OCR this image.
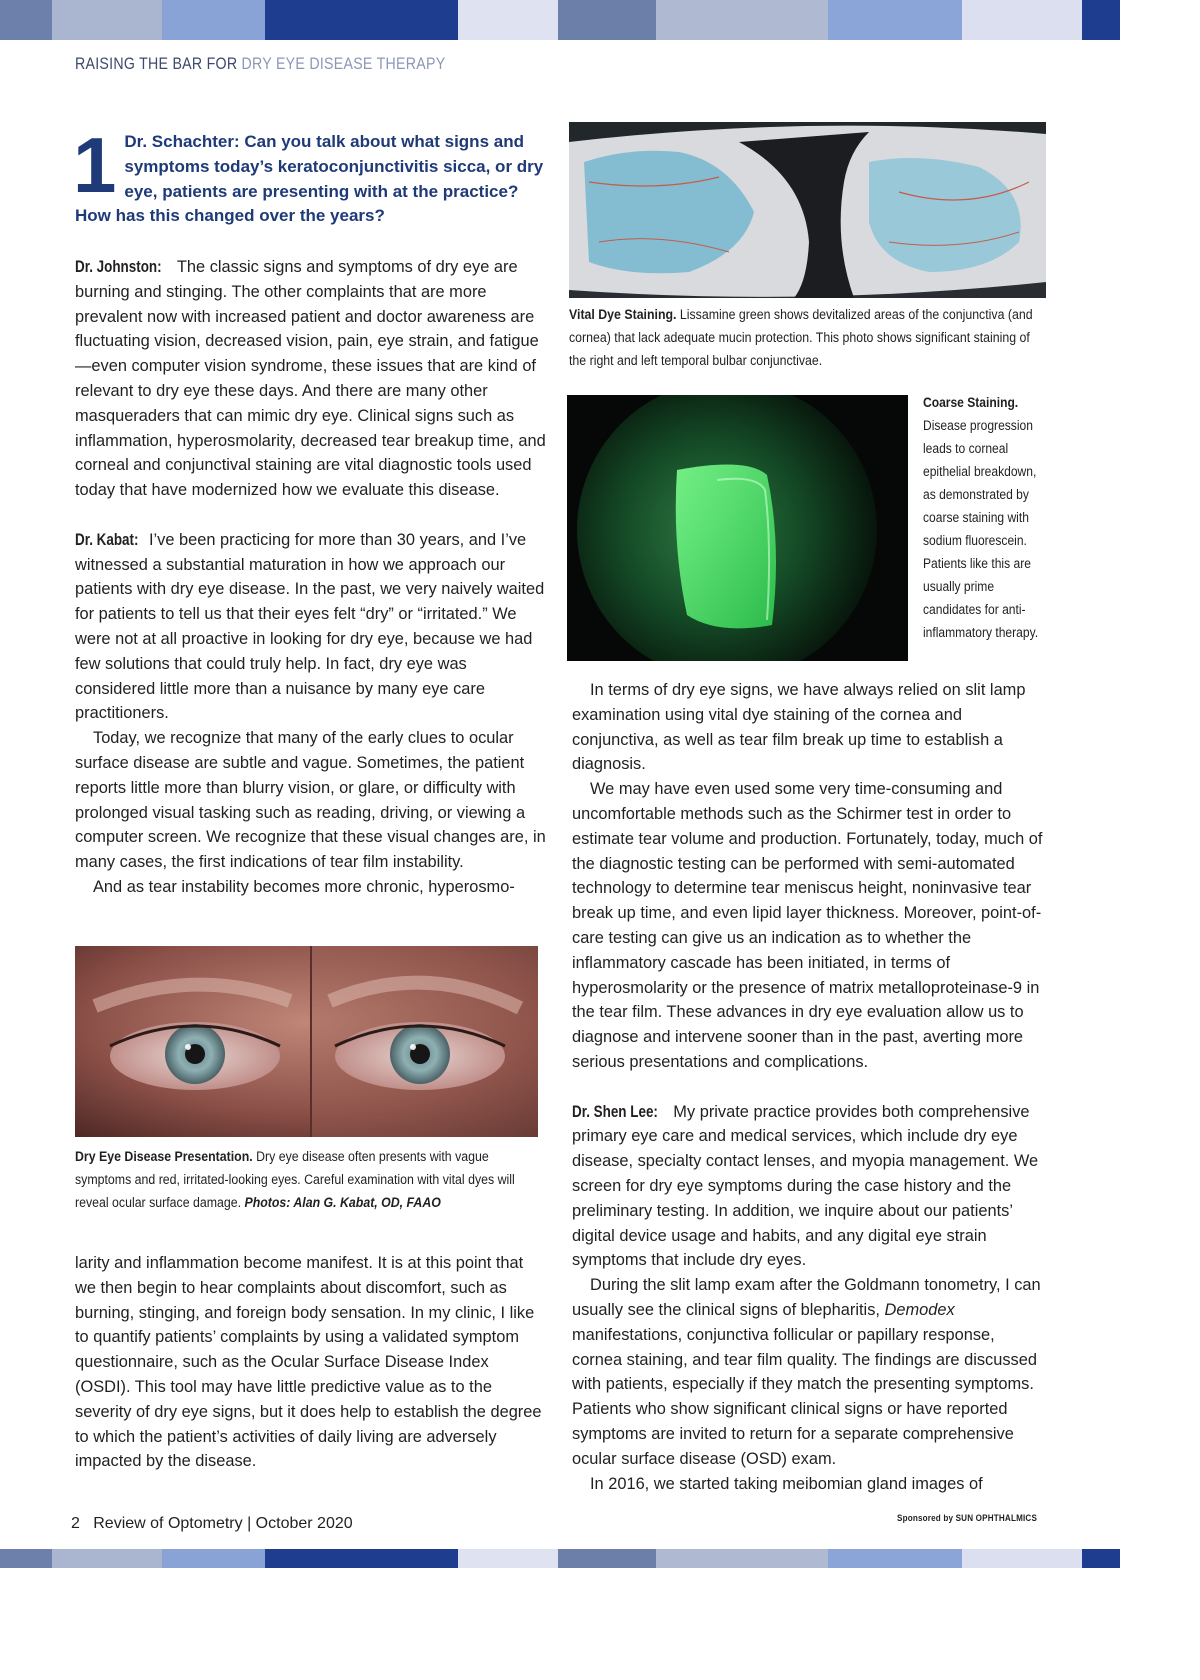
RAISING THE BAR FOR DRY EYE DISEASE THERAPY
1 Dr. Schachter: Can you talk about what signs and symptoms today’s keratoconjunctivitis sicca, or dry eye, patients are presenting with at the practice? How has this changed over the years?

Dr. Johnston: The classic signs and symptoms of dry eye are burning and stinging. The other complaints that are more prevalent now with increased patient and doctor awareness are fluctuating vision, decreased vision, pain, eye strain, and fatigue—even computer vision syndrome, these issues that are kind of relevant to dry eye these days. And there are many other masqueraders that can mimic dry eye. Clinical signs such as inflammation, hyperosmolarity, decreased tear breakup time, and corneal and conjunctival staining are vital diagnostic tools used today that have modernized how we evaluate this disease.

Dr. Kabat: I’ve been practicing for more than 30 years, and I’ve witnessed a substantial maturation in how we approach our patients with dry eye disease. In the past, we very naively waited for patients to tell us that their eyes felt “dry” or “irritated.” We were not at all proactive in looking for dry eye, because we had few solutions that could truly help. In fact, dry eye was considered little more than a nuisance by many eye care practitioners.

Today, we recognize that many of the early clues to ocular surface disease are subtle and vague. Sometimes, the patient reports little more than blurry vision, or glare, or difficulty with prolonged visual tasking such as reading, driving, or viewing a computer screen. We recognize that these visual changes are, in many cases, the first indications of tear film instability.

And as tear instability becomes more chronic, hyperosmo-

Dry Eye Disease Presentation. Dry eye disease often presents with vague symptoms and red, irritated-looking eyes. Careful examination with vital dyes will reveal ocular surface damage. Photos: Alan G. Kabat, OD, FAAO

larity and inflammation become manifest. It is at this point that we then begin to hear complaints about discomfort, such as burning, stinging, and foreign body sensation. In my clinic, I like to quantify patients’ complaints by using a validated symptom questionnaire, such as the Ocular Surface Disease Index (OSDI). This tool may have little predictive value as to the severity of dry eye signs, but it does help to establish the degree to which the patient’s activities of daily living are adversely impacted by the disease.

Vital Dye Staining. Lissamine green shows devitalized areas of the conjunctiva (and cornea) that lack adequate mucin protection. This photo shows significant staining of the right and left temporal bulbar conjunctivae.
Coarse Staining. Disease progression leads to corneal epithelial breakdown, as demonstrated by coarse staining with sodium fluorescein. Patients like this are usually prime candidates for anti-inflammatory therapy.

In terms of dry eye signs, we have always relied on slit lamp examination using vital dye staining of the cornea and conjunctiva, as well as tear film break up time to establish a diagnosis.

We may have even used some very time-consuming and uncomfortable methods such as the Schirmer test in order to estimate tear volume and production. Fortunately, today, much of the diagnostic testing can be performed with semi-automated technology to determine tear meniscus height, noninvasive tear break up time, and even lipid layer thickness. Moreover, point-of-care testing can give us an indication as to whether the inflammatory cascade has been initiated, in terms of hyperosmolarity or the presence of matrix metalloproteinase-9 in the tear film. These advances in dry eye evaluation allow us to diagnose and intervene sooner than in the past, averting more serious presentations and complications.

Dr. Shen Lee: My private practice provides both comprehensive primary eye care and medical services, which include dry eye disease, specialty contact lenses, and myopia management. We screen for dry eye symptoms during the case history and the preliminary testing. In addition, we inquire about our patients’ digital device usage and habits, and any digital eye strain symptoms that include dry eyes.

During the slit lamp exam after the Goldmann tonometry, I can usually see the clinical signs of blepharitis, Demodex manifestations, conjunctiva follicular or papillary response, cornea staining, and tear film quality. The findings are discussed with patients, especially if they match the presenting symptoms. Patients who show significant clinical signs or have reported symptoms are invited to return for a separate comprehensive ocular surface disease (OSD) exam.

In 2016, we started taking meibomian gland images of

2 Review of Optometry | October 2020	Sponsored by SUN OPHTHALMICS
